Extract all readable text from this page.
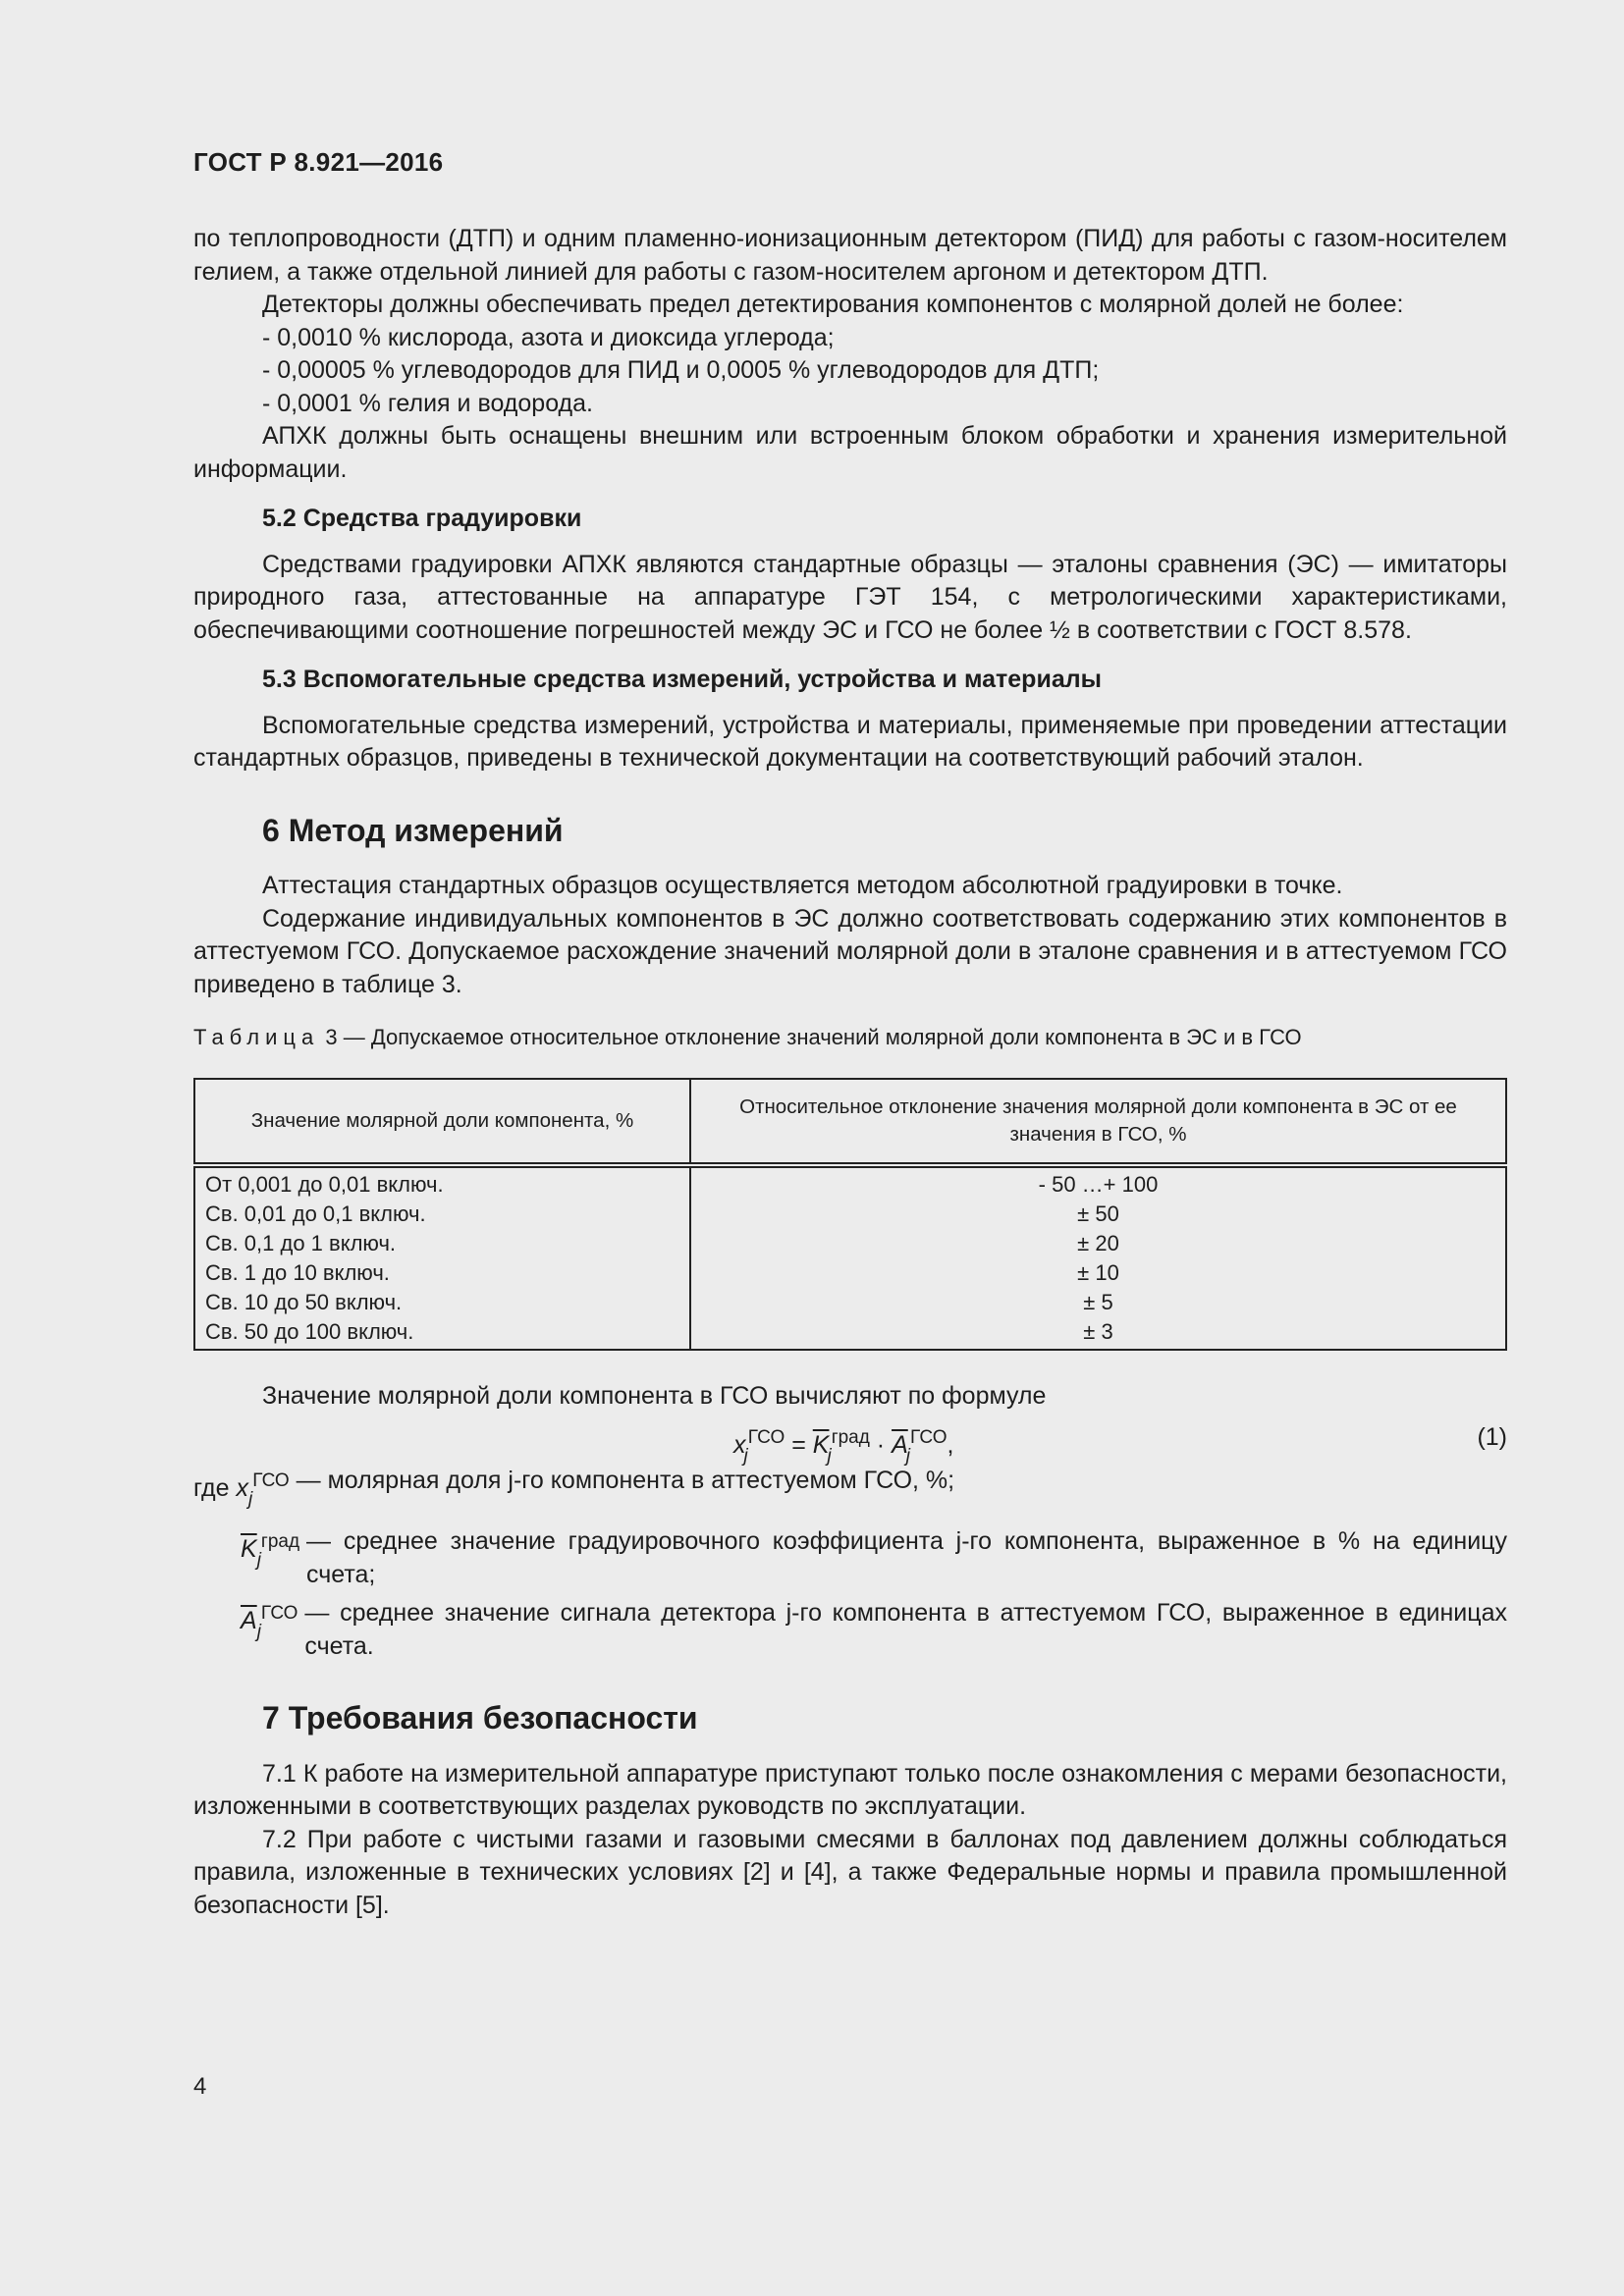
ГОСТ Р 8.921—2016

по теплопроводности (ДТП) и одним пламенно-ионизационным детектором (ПИД) для работы с газом-носителем гелием, а также отдельной линией для работы с газом-носителем аргоном и детектором ДТП.

Детекторы должны обеспечивать предел детектирования компонентов с молярной долей не более:

- 0,0010 % кислорода, азота и диоксида углерода;

- 0,00005 % углеводородов для ПИД и 0,0005 % углеводородов для ДТП;

- 0,0001 % гелия и водорода.

АПХК должны быть оснащены внешним или встроенным блоком обработки и хранения измерительной информации.

5.2 Средства градуировки

Средствами градуировки АПХК являются стандартные образцы — эталоны сравнения (ЭС) — имитаторы природного газа, аттестованные на аппаратуре ГЭТ 154, с метрологическими характеристиками, обеспечивающими соотношение погрешностей между ЭС и ГСО не более ½ в соответствии с ГОСТ 8.578.

5.3 Вспомогательные средства измерений, устройства и материалы

Вспомогательные средства измерений, устройства и материалы, применяемые при проведении аттестации стандартных образцов, приведены в технической документации на соответствующий рабочий эталон.

6 Метод измерений

Аттестация стандартных образцов осуществляется методом абсолютной градуировки в точке.

Содержание индивидуальных компонентов в ЭС должно соответствовать содержанию этих компонентов в аттестуемом ГСО. Допускаемое расхождение значений молярной доли в эталоне сравнения и в аттестуемом ГСО приведено в таблице 3.

Таблица 3 — Допускаемое относительное отклонение значений молярной доли компонента в ЭС и в ГСО
Значение молярной доли компонента, %	Относительное отклонение значения молярной доли компонента в ЭС от ее значения в ГСО, %
От 0,001 до 0,01 включ.	- 50 …+ 100
Св. 0,01 до 0,1 включ.	± 50
Св. 0,1 до 1 включ.	± 20
Св. 1 до 10 включ.	± 10
Св. 10 до 50 включ.	± 5
Св. 50 до 100 включ.	± 3

Значение молярной доли компонента в ГСО вычисляют по формуле

$x_j^{ГСО} = \overline{K}_j^{град} \cdot \overline{A}_j^{ГСО}$,	(1)
где $x_j^{ГСО}$ — молярная доля j-го компонента в аттестуемом ГСО, %;
$\overline{K}_j^{град}$ — среднее значение градуировочного коэффициента j-го компонента, выраженное в % на единицу счета;
$\overline{A}_j^{ГСО}$ — среднее значение сигнала детектора j-го компонента в аттестуемом ГСО, выраженное в единицах счета.
7 Требования безопасности

7.1 К работе на измерительной аппаратуре приступают только после ознакомления с мерами безопасности, изложенными в соответствующих разделах руководств по эксплуатации.

7.2 При работе с чистыми газами и газовыми смесями в баллонах под давлением должны соблюдаться правила, изложенные в технических условиях [2] и [4], а также Федеральные нормы и правила промышленной безопасности [5].

4
